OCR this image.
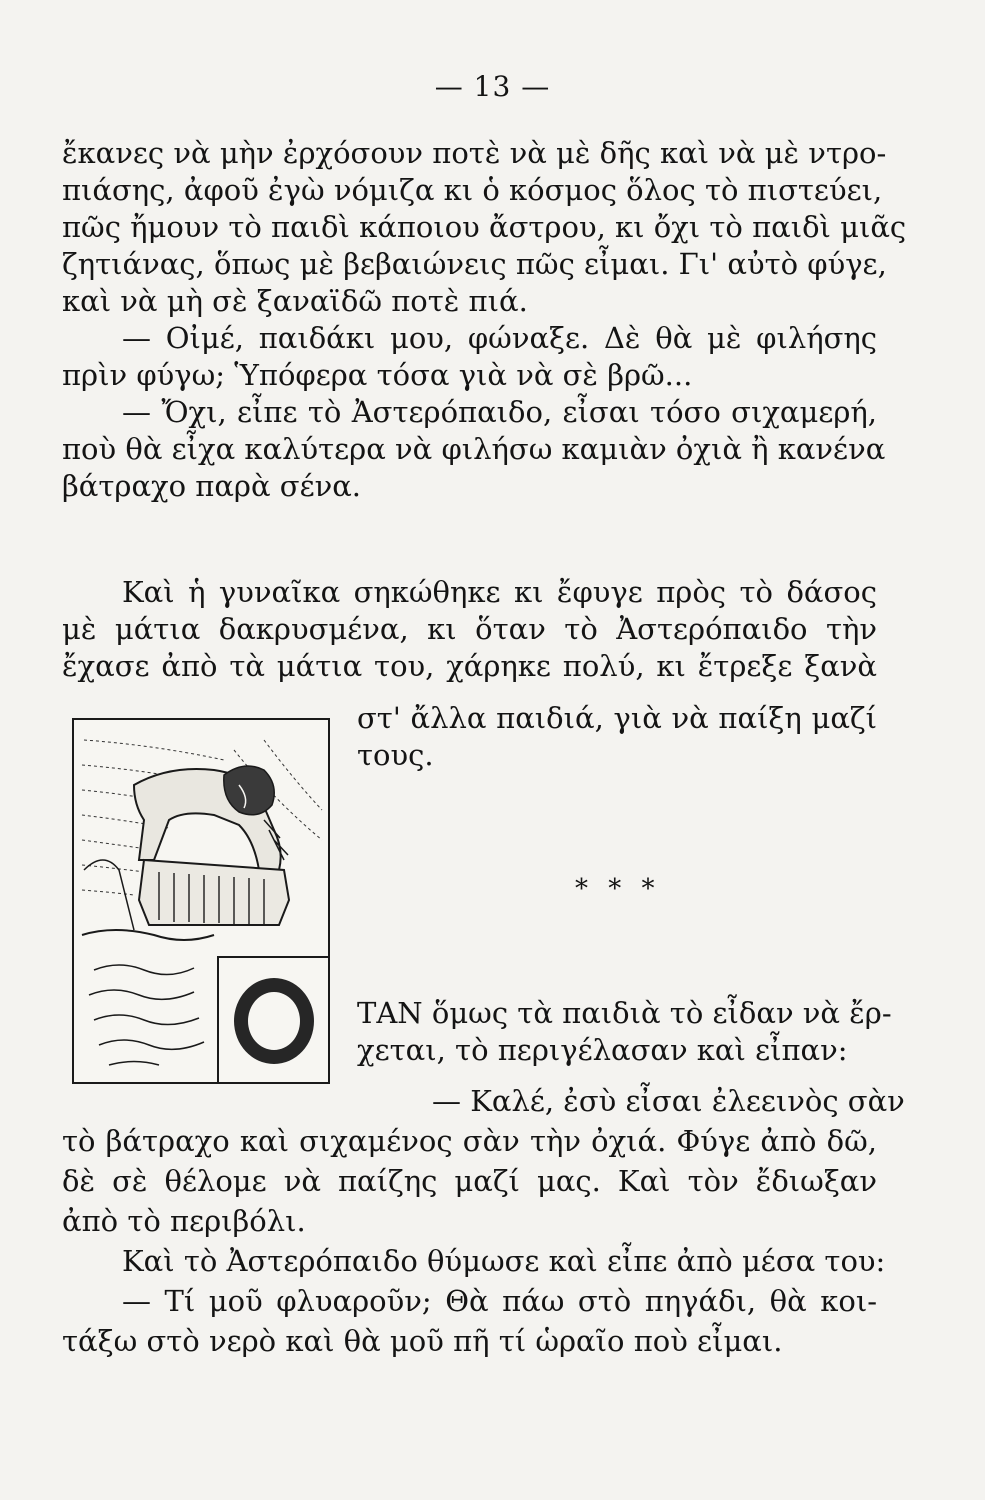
— 13 —
ἔκανες νὰ μὴν ἐρχόσουν ποτὲ νὰ μὲ δῆς καὶ νὰ μὲ ντρο-
πιάσης, ἀφοῦ ἐγὼ νόμιζα κι ὁ κόσμος ὅλος τὸ πιστεύει,
πῶς ἤμουν τὸ παιδὶ κάποιου ἄστρου, κι ὄχι τὸ παιδὶ μιᾶς
ζητιάνας, ὅπως μὲ βεβαιώνεις πῶς εἶμαι. Γι' αὐτὸ φύγε,
καὶ νὰ μὴ σὲ ξαναϊδῶ ποτὲ πιά.
— Οἰμέ, παιδάκι μου, φώναξε. Δὲ θὰ μὲ φιλήσης
πρὶν φύγω; Ὑπόφερα τόσα γιὰ νὰ σὲ βρῶ...
— Ὄχι, εἶπε τὸ Ἀστερόπαιδο, εἶσαι τόσο σιχαμερή,
ποὺ θὰ εἶχα καλύτερα νὰ φιλήσω καμιὰν ὀχιὰ ἢ κανένα
βάτραχο παρὰ σένα.
Καὶ ἡ γυναῖκα σηκώθηκε κι ἔφυγε πρὸς τὸ δάσος
μὲ μάτια δακρυσμένα, κι ὅταν τὸ Ἀστερόπαιδο τὴν
ἔχασε ἀπὸ τὰ μάτια του, χάρηκε πολύ, κι ἔτρεξε ξανὰ
στ' ἄλλα παιδιά, γιὰ νὰ παίξη μαζί
τους.
* * *
ΤΑΝ ὅμως τὰ παιδιὰ τὸ εἶδαν νὰ ἔρ-
χεται, τὸ περιγέλασαν καὶ εἶπαν:
— Καλέ, ἐσὺ εἶσαι ἐλεεινὸς σὰν
τὸ βάτραχο καὶ σιχαμένος σὰν τὴν ὀχιά. Φύγε ἀπὸ δῶ,
δὲ σὲ θέλομε νὰ παίζης μαζί μας. Καὶ τὸν ἔδιωξαν
ἀπὸ τὸ περιβόλι.
Καὶ τὸ Ἀστερόπαιδο θύμωσε καὶ εἶπε ἀπὸ μέσα του:
— Τί μοῦ φλυαροῦν; Θὰ πάω στὸ πηγάδι, θὰ κοι-
τάξω στὸ νερὸ καὶ θὰ μοῦ πῆ τί ὡραῖο ποὺ εἶμαι.
